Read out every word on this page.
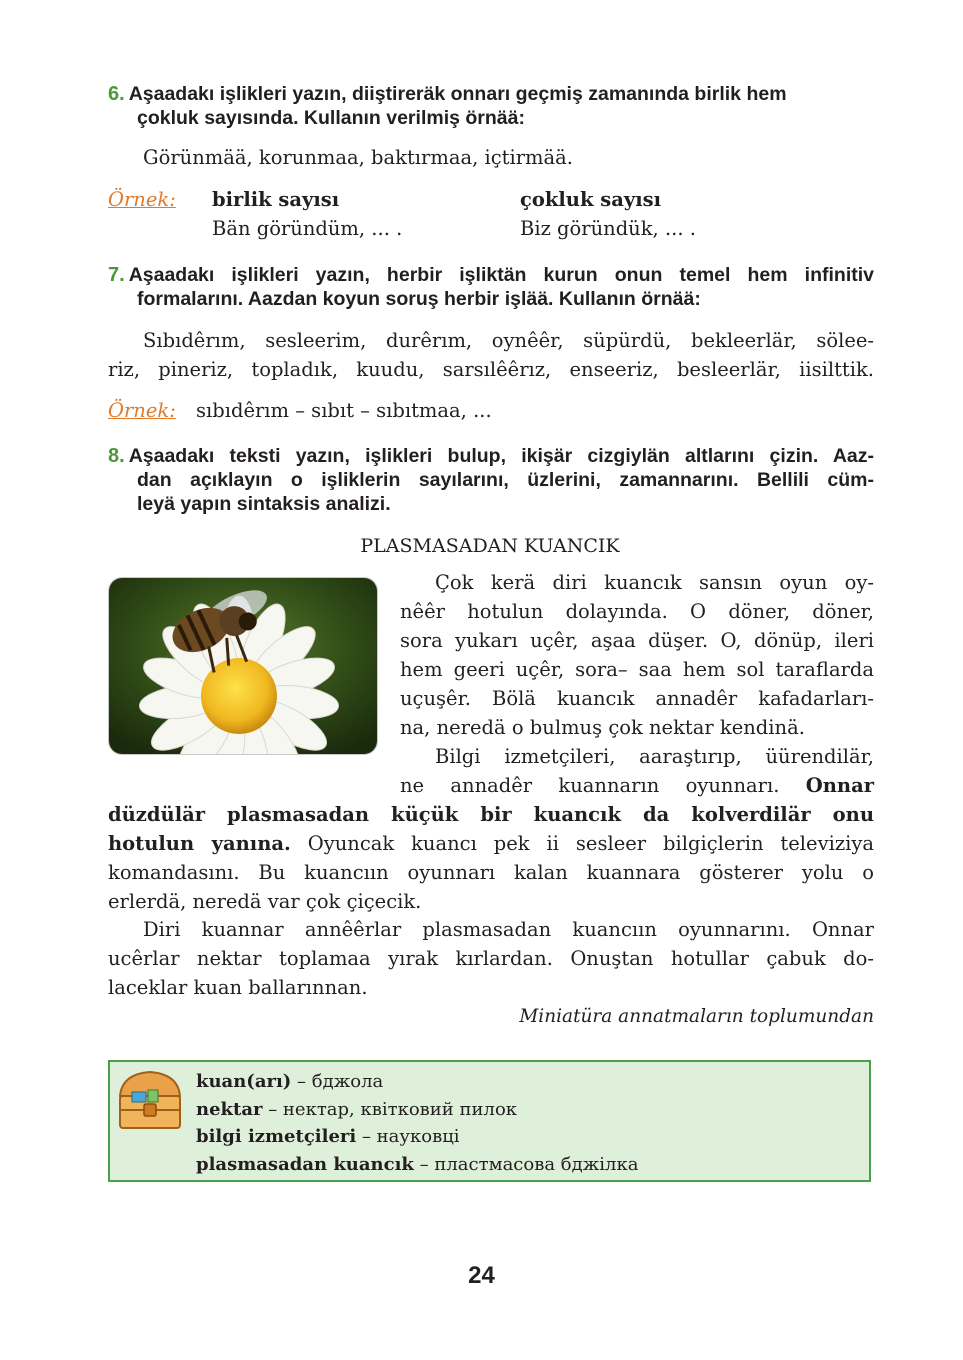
6. Aşaadakı işlikleri yazın, diiştireräk onnarı geçmiş zamanında birlik hem
çokluk sayısında. Kullanın verilmiş örnää:
Görünmää, korunmaa, baktırmaa, içtirmää.
Örnek: birlik sayısı
Bän göründüm, ... .
çokluk sayısı
Biz göründük, ... .
7. Aşaadakı işlikleri yazın, herbir işliktän kurun onun temel hem infinitiv
formalarını. Aazdan koyun soruş herbir işlää. Kullanın örnää:
Sıbıdêrım, sesleerim, durêrım, oynêêr, süpürdü, bekleerlär, sölee-
riz, pineriz, topladık, kuudu, sarsılêêrız, enseeriz, besleerlär, iisilttik.
Örnek: sıbıdêrım – sıbıt – sıbıtmaa, ...
8. Aşaadakı teksti yazın, işlikleri bulup, ikişär cizgiylän altlarını çizin. Aaz-
dan açıklayın o işliklerin sayılarını, üzlerini, zamannarını. Bellili cüm-
leyä yapın sintaksis analizi.
PLASMASADAN KUANCIK
Çok kerä diri kuancık sansın oyun oy-
nêêr hotulun dolayında. O döner, döner,
sora yukarı uçêr, aşaa düşer. O, dönüp, ileri
hem geeri uçêr, sora– saa hem sol taraflarda
uçuşêr. Bölä kuancık annadêr kafadarları-
na, neredä o bulmuş çok nektar kendinä.
Bilgi izmetçileri, aaraştırıp, üürendilär,
ne annadêr kuannarın oyunnarı. Onnar
düzdülär plasmasadan küçük bir kuancık da kolverdilär onu
hotulun yanına. Oyuncak kuancı pek ii sesleer bilgiçlerin televiziya
komandasını. Bu kuancıın oyunnarı kalan kuannara gösterer yolu o
erlerdä, neredä var çok çiçecik.
Diri kuannar annêêrlar plasmasadan kuancıın oyunnarını. Onnar
ucêrlar nektar toplamaa yırak kırlardan. Onuştan hotullar çabuk do-
laceklar kuan ballarınnan.
Miniatüra annatmaların toplumundan
kuan(arı) – бджола
nektar – нектар, квітковий пилок
bilgi izmetçileri – науковці
plasmasadan kuancık – пластмасова бджілка
24
